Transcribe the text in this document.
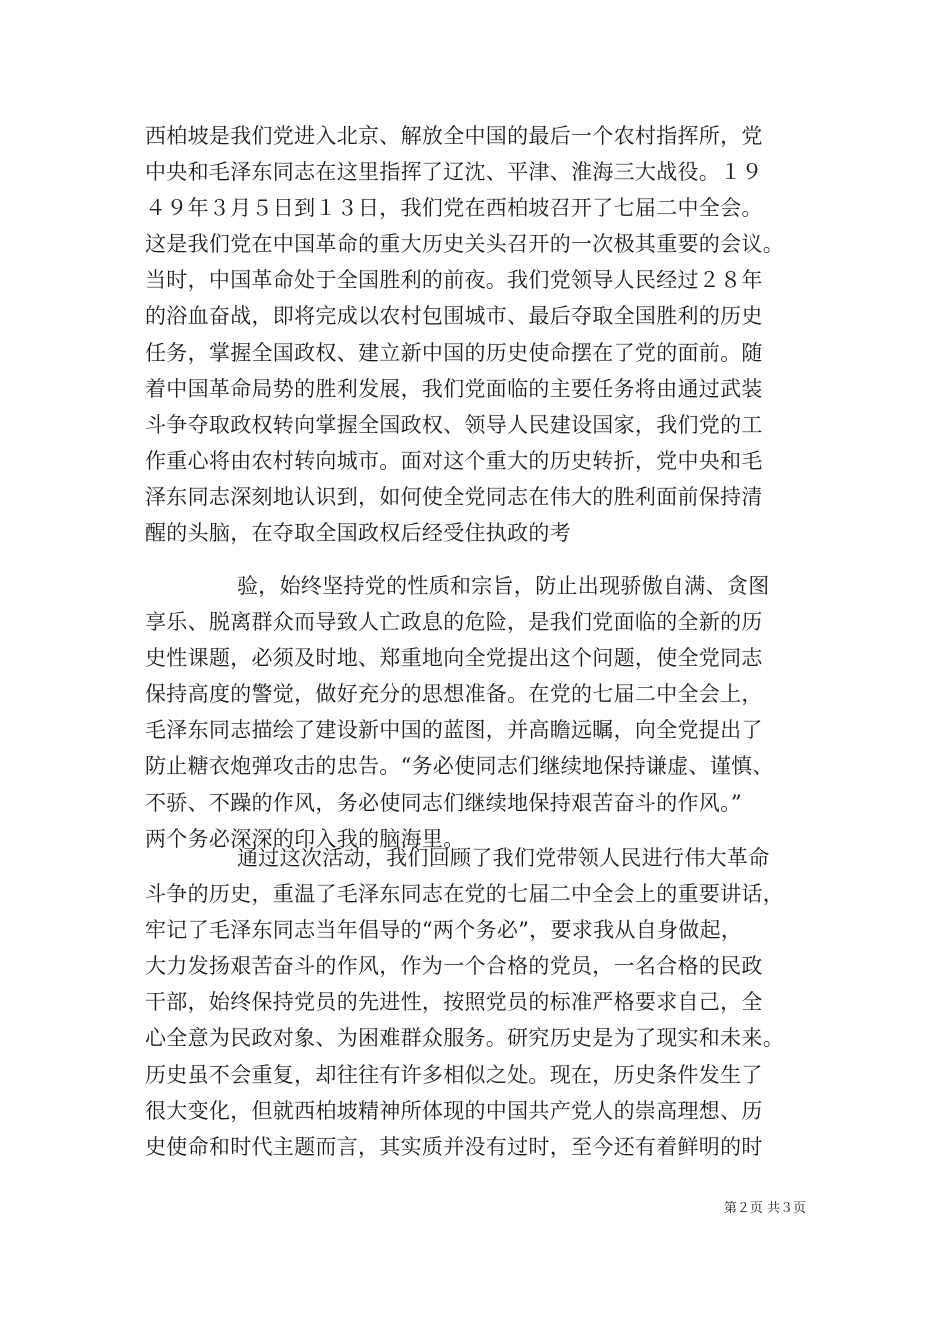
西柏坡是我们党进入北京、解放全中国的最后一个农村指挥所，党
中央和毛泽东同志在这里指挥了辽沈、平津、淮海三大战役。１９
４９年３月５日到１３日，我们党在西柏坡召开了七届二中全会。
这是我们党在中国革命的重大历史关头召开的一次极其重要的会议。
当时，中国革命处于全国胜利的前夜。我们党领导人民经过２８年
的浴血奋战，即将完成以农村包围城市、最后夺取全国胜利的历史
任务，掌握全国政权、建立新中国的历史使命摆在了党的面前。随
着中国革命局势的胜利发展，我们党面临的主要任务将由通过武装
斗争夺取政权转向掌握全国政权、领导人民建设国家，我们党的工
作重心将由农村转向城市。面对这个重大的历史转折，党中央和毛
泽东同志深刻地认识到，如何使全党同志在伟大的胜利面前保持清
醒的头脑，在夺取全国政权后经受住执政的考
验，始终坚持党的性质和宗旨，防止出现骄傲自满、贪图
享乐、脱离群众而导致人亡政息的危险，是我们党面临的全新的历
史性课题，必须及时地、郑重地向全党提出这个问题，使全党同志
保持高度的警觉，做好充分的思想准备。在党的七届二中全会上，
毛泽东同志描绘了建设新中国的蓝图，并高瞻远瞩，向全党提出了
防止糖衣炮弹攻击的忠告。“务必使同志们继续地保持谦虚、谨慎、
不骄、不躁的作风，务必使同志们继续地保持艰苦奋斗的作风。”
两个务必深深的印入我的脑海里。
通过这次活动，我们回顾了我们党带领人民进行伟大革命
斗争的历史，重温了毛泽东同志在党的七届二中全会上的重要讲话，
牢记了毛泽东同志当年倡导的“两个务必”，要求我从自身做起，
大力发扬艰苦奋斗的作风，作为一个合格的党员，一名合格的民政
干部，始终保持党员的先进性，按照党员的标准严格要求自己，全
心全意为民政对象、为困难群众服务。研究历史是为了现实和未来。
历史虽不会重复，却往往有许多相似之处。现在，历史条件发生了
很大变化，但就西柏坡精神所体现的中国共产党人的崇高理想、历
史使命和时代主题而言，其实质并没有过时，至今还有着鲜明的时
第２页 共３页
